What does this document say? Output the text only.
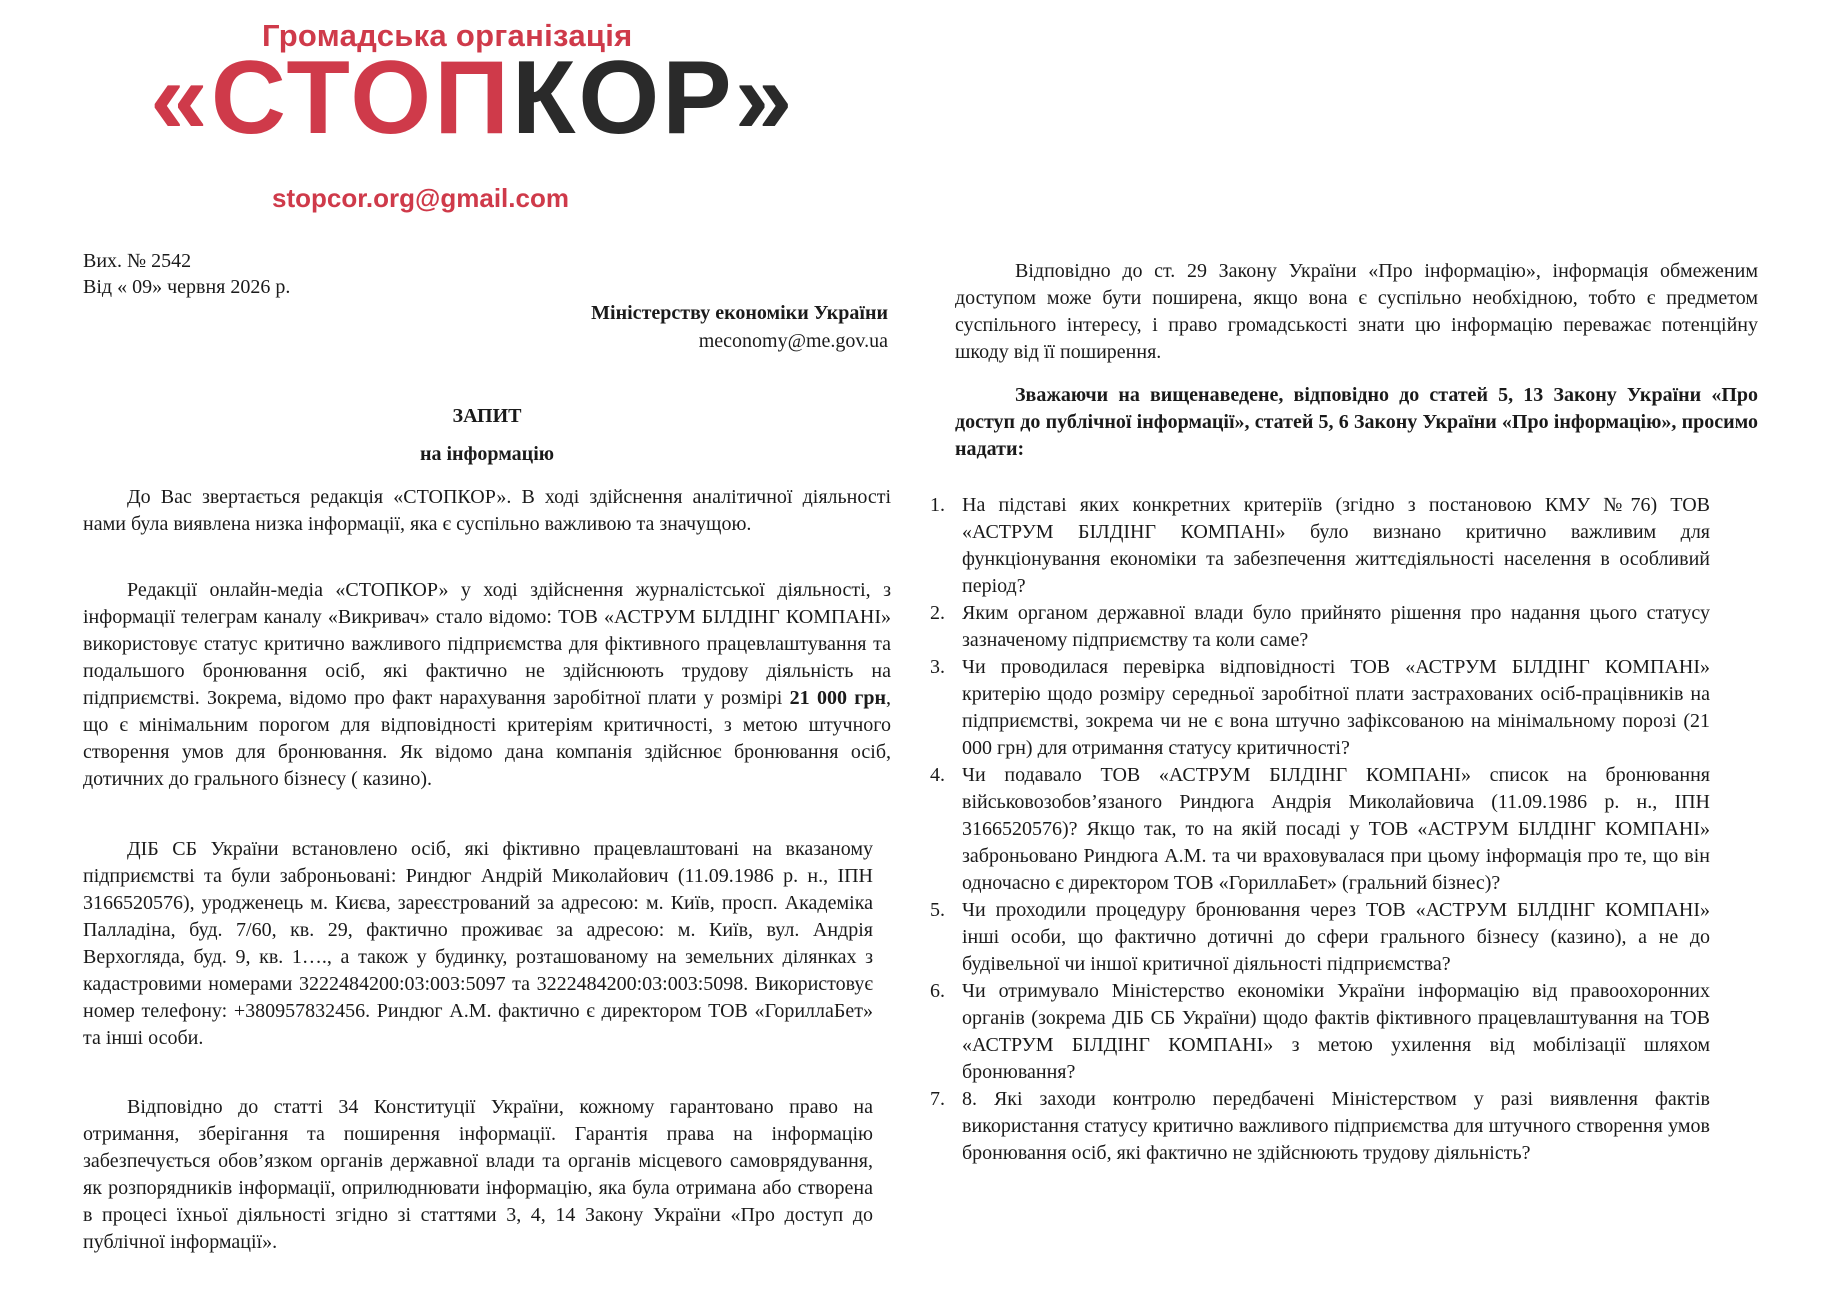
Громадська організація
«СТОПКОР»
stopcor.org@gmail.com
Вих. № 2542
Від « 09» червня 2026 р.
Міністерству економіки України
meconomy@me.gov.ua
ЗАПИТ
на інформацію

До Вас звертається редакція «СТОПКОР». В ході здійснення аналітичної діяльності нами була виявлена низка інформації, яка є суспільно важливою та значущою.

Редакції онлайн-медіа «СТОПКОР» у ході здійснення журналістської діяльності, з інформації телеграм каналу «Викривач» стало відомо: ТОВ «АСТРУМ БІЛДІНГ КОМПАНІ» використовує статус критично важливого підприємства для фіктивного працевлаштування та подальшого бронювання осіб, які фактично не здійснюють трудову діяльність на підприємстві. Зокрема, відомо про факт нарахування заробітної плати у розмірі 21 000 грн, що є мінімальним порогом для відповідності критеріям критичності, з метою штучного створення умов для бронювання. Як відомо дана компанія здійснює бронювання осіб, дотичних до грального бізнесу ( казино).

ДІБ СБ України встановлено осіб, які фіктивно працевлаштовані на вказаному підприємстві та були заброньовані: Риндюг Андрій Миколайович (11.09.1986 р. н., ІПН 3166520576), уродженець м. Києва, зареєстрований за адресою: м. Київ, просп. Академіка Палладіна, буд. 7/60, кв. 29, фактично проживає за адресою: м. Київ, вул. Андрія Верхогляда, буд. 9, кв. 1…., а також у будинку, розташованому на земельних ділянках з кадастровими номерами 3222484200:03:003:5097 та 3222484200:03:003:5098. Використовує номер телефону: +380957832456. Риндюг А.М. фактично є директором ТОВ «ГориллаБет» та інші особи.

Відповідно до статті 34 Конституції України, кожному гарантовано право на отримання, зберігання та поширення інформації. Гарантія права на інформацію забезпечується обов’язком органів державної влади та органів місцевого самоврядування, як розпорядників інформації, оприлюднювати інформацію, яка була отримана або створена в процесі їхньої діяльності згідно зі статтями 3, 4, 14 Закону України «Про доступ до публічної інформації».

Відповідно до ст. 29 Закону України «Про інформацію», інформація обмеженим доступом може бути поширена, якщо вона є суспільно необхідною, тобто є предметом суспільного інтересу, і право громадськості знати цю інформацію переважає потенційну шкоду від її поширення.

Зважаючи на вищенаведене, відповідно до статей 5, 13 Закону України «Про доступ до публічної інформації», статей 5, 6 Закону України «Про інформацію», просимо надати:

1. На підставі яких конкретних критеріїв (згідно з постановою КМУ №76) ТОВ «АСТРУМ БІЛДІНГ КОМПАНІ» було визнано критично важливим для функціонування економіки та забезпечення життєдіяльності населення в особливий період?
2. Яким органом державної влади було прийнято рішення про надання цього статусу зазначеному підприємству та коли саме?
3. Чи проводилася перевірка відповідності ТОВ «АСТРУМ БІЛДІНГ КОМПАНІ» критерію щодо розміру середньої заробітної плати застрахованих осіб-працівників на підприємстві, зокрема чи не є вона штучно зафіксованою на мінімальному порозі (21 000 грн) для отримання статусу критичності?
4. Чи подавало ТОВ «АСТРУМ БІЛДІНГ КОМПАНІ» список на бронювання військовозобов’язаного Риндюга Андрія Миколайовича (11.09.1986 р. н., ІПН 3166520576)? Якщо так, то на якій посаді у ТОВ «АСТРУМ БІЛДІНГ КОМПАНІ» заброньовано Риндюга А.М. та чи враховувалася при цьому інформація про те, що він одночасно є директором ТОВ «ГориллаБет» (гральний бізнес)?
5. Чи проходили процедуру бронювання через ТОВ «АСТРУМ БІЛДІНГ КОМПАНІ» інші особи, що фактично дотичні до сфери грального бізнесу (казино), а не до будівельної чи іншої критичної діяльності підприємства?
6. Чи отримувало Міністерство економіки України інформацію від правоохоронних органів (зокрема ДІБ СБ України) щодо фактів фіктивного працевлаштування на ТОВ «АСТРУМ БІЛДІНГ КОМПАНІ» з метою ухилення від мобілізації шляхом бронювання?
7. 8. Які заходи контролю передбачені Міністерством у разі виявлення фактів використання статусу критично важливого підприємства для штучного створення умов бронювання осіб, які фактично не здійснюють трудову діяльність?
